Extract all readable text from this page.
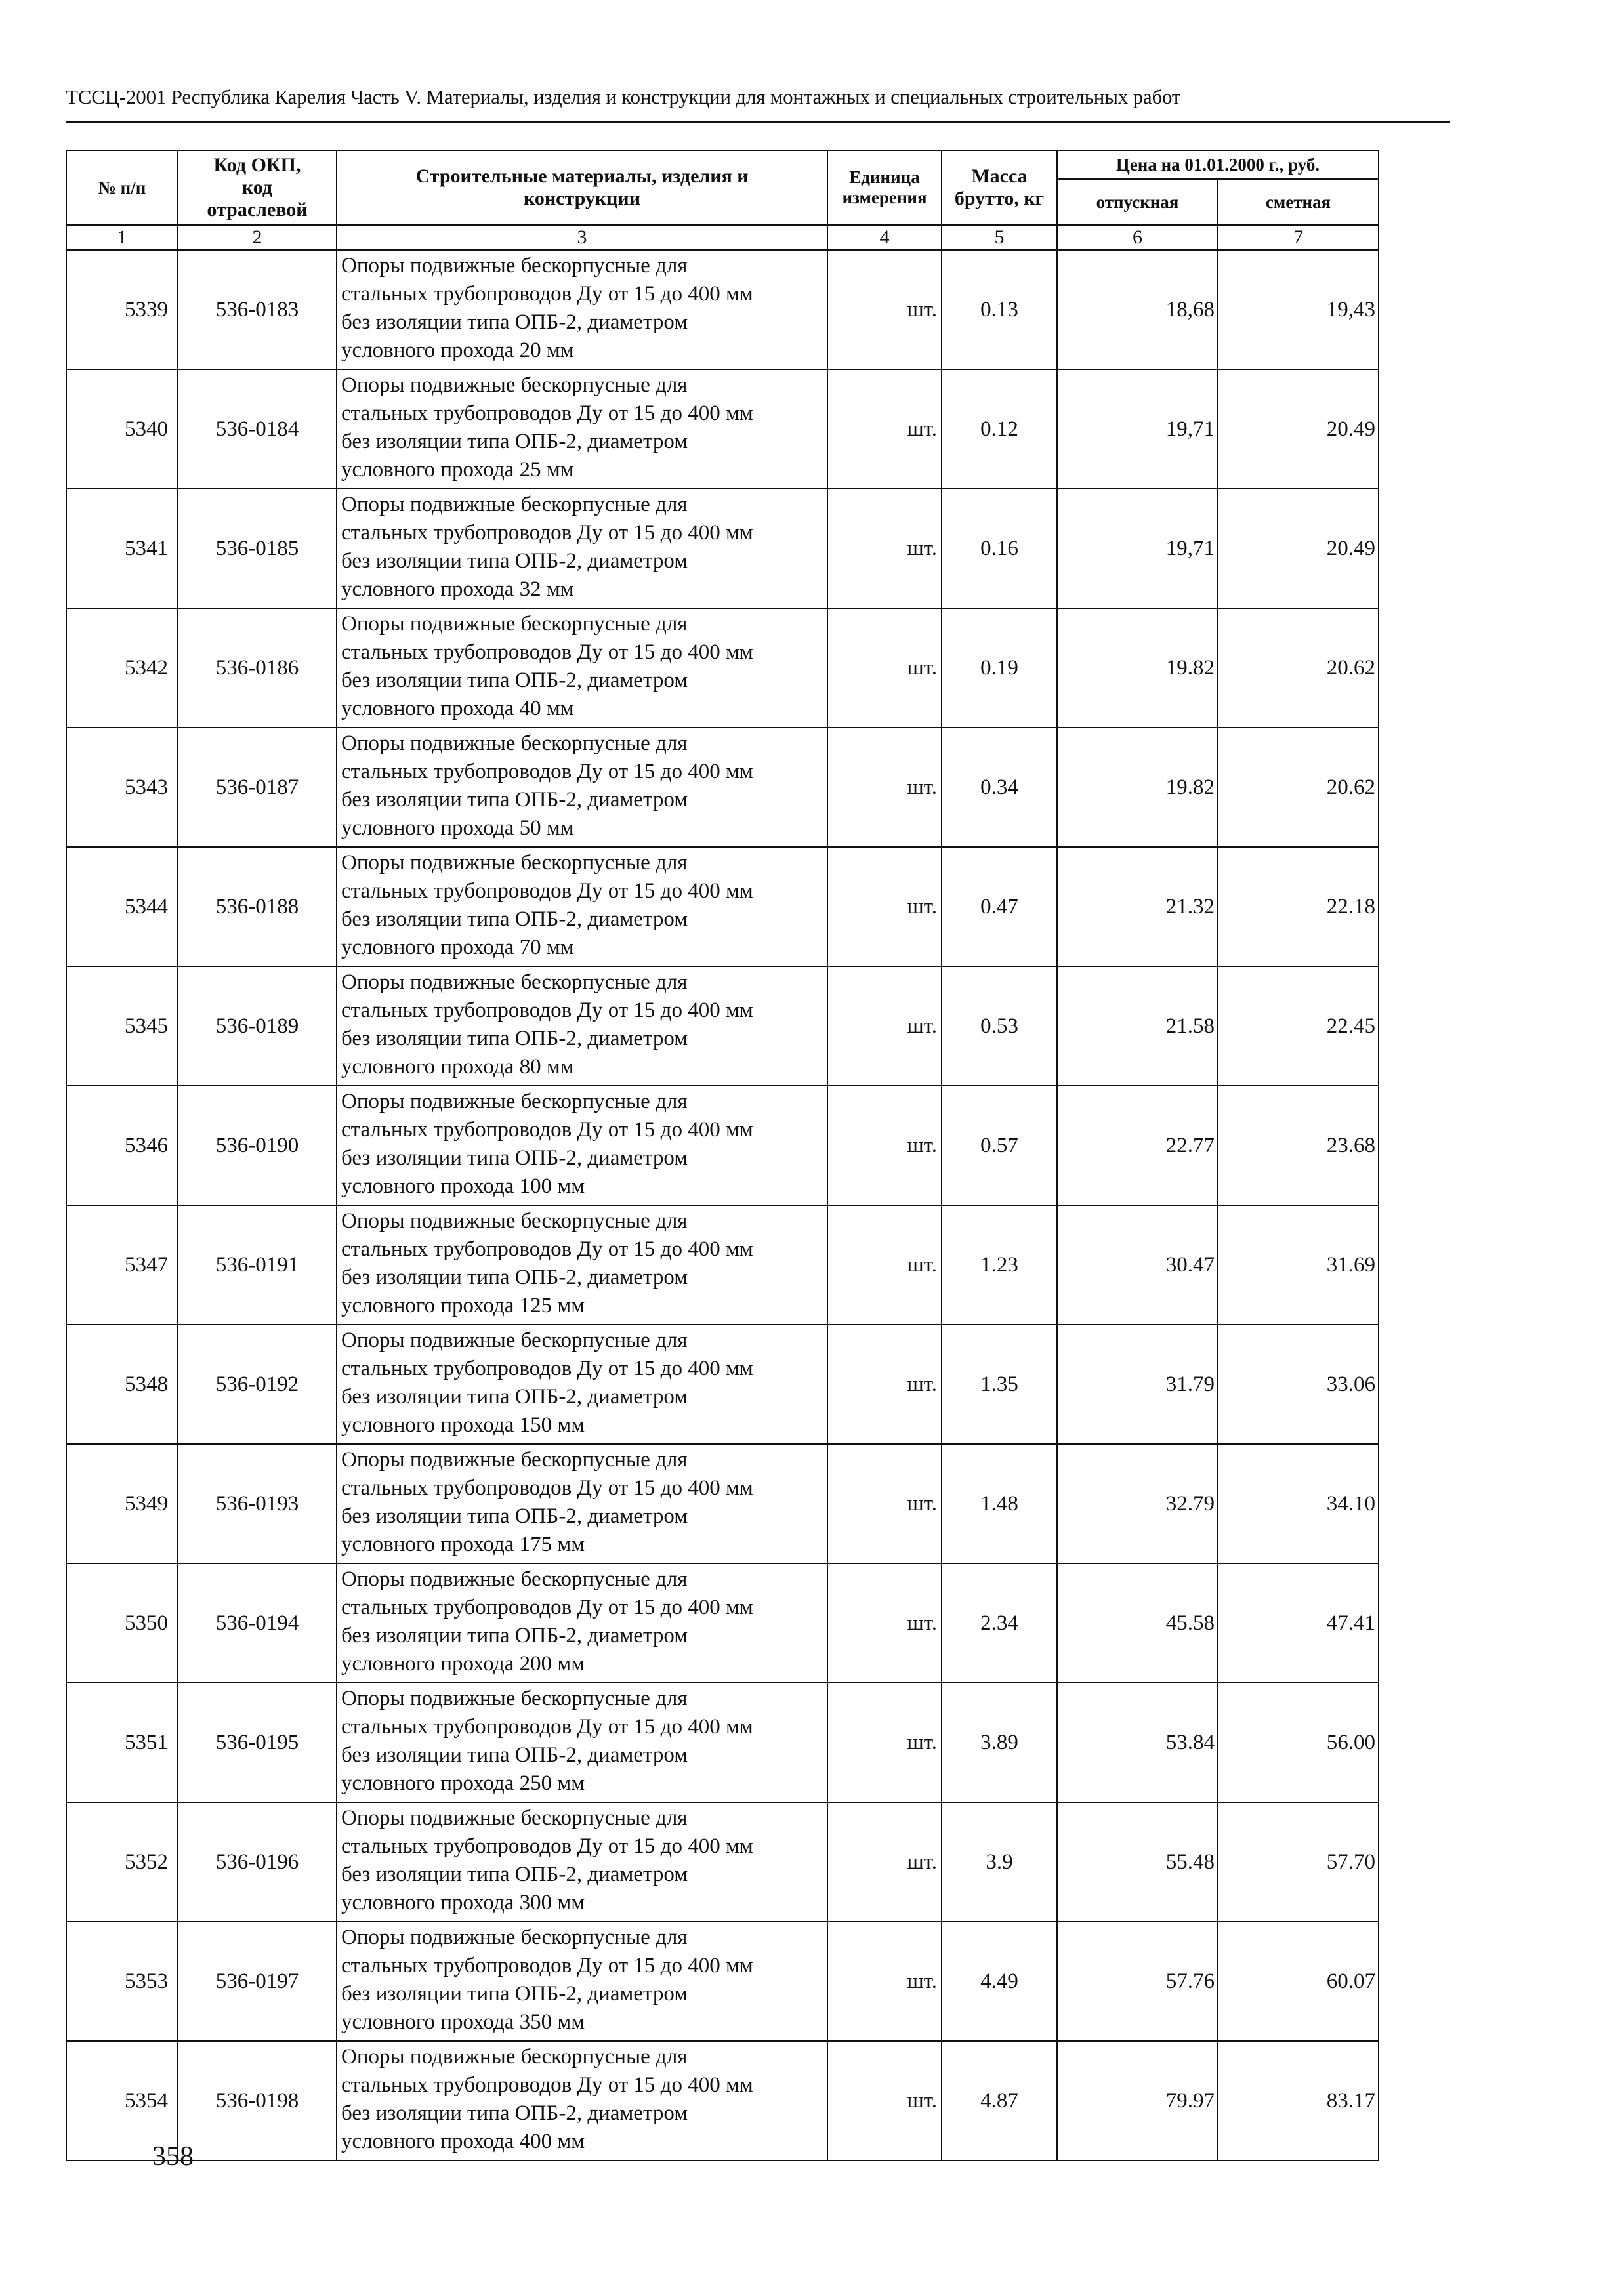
ТССЦ-2001 Республика Карелия Часть V. Материалы, изделия и конструкции для монтажных и специальных строительных работ
№ п/п	Код ОКП,
код
отраслевой	Строительные материалы, изделия и
конструкции	Единица
измерения	Масса
брутто, кг	Цена на 01.01.2000 г., руб.	
					отпускная	сметная
1	2	3	4	5	6	7
5339	536-0183	Опоры подвижные бескорпусные для
стальных трубопроводов Ду от 15 до 400 мм
без изоляции типа ОПБ-2, диаметром
условного прохода 20 мм	шт.	0.13	18,68	19,43
5340	536-0184	Опоры подвижные бескорпусные для
стальных трубопроводов Ду от 15 до 400 мм
без изоляции типа ОПБ-2, диаметром
условного прохода 25 мм	шт.	0.12	19,71	20.49
5341	536-0185	Опоры подвижные бескорпусные для
стальных трубопроводов Ду от 15 до 400 мм
без изоляции типа ОПБ-2, диаметром
условного прохода 32 мм	шт.	0.16	19,71	20.49
5342	536-0186	Опоры подвижные бескорпусные для
стальных трубопроводов Ду от 15 до 400 мм
без изоляции типа ОПБ-2, диаметром
условного прохода 40 мм	шт.	0.19	19.82	20.62
5343	536-0187	Опоры подвижные бескорпусные для
стальных трубопроводов Ду от 15 до 400 мм
без изоляции типа ОПБ-2, диаметром
условного прохода 50 мм	шт.	0.34	19.82	20.62
5344	536-0188	Опоры подвижные бескорпусные для
стальных трубопроводов Ду от 15 до 400 мм
без изоляции типа ОПБ-2, диаметром
условного прохода 70 мм	шт.	0.47	21.32	22.18
5345	536-0189	Опоры подвижные бескорпусные для
стальных трубопроводов Ду от 15 до 400 мм
без изоляции типа ОПБ-2, диаметром
условного прохода 80 мм	шт.	0.53	21.58	22.45
5346	536-0190	Опоры подвижные бескорпусные для
стальных трубопроводов Ду от 15 до 400 мм
без изоляции типа ОПБ-2, диаметром
условного прохода 100 мм	шт.	0.57	22.77	23.68
5347	536-0191	Опоры подвижные бескорпусные для
стальных трубопроводов Ду от 15 до 400 мм
без изоляции типа ОПБ-2, диаметром
условного прохода 125 мм	шт.	1.23	30.47	31.69
5348	536-0192	Опоры подвижные бескорпусные для
стальных трубопроводов Ду от 15 до 400 мм
без изоляции типа ОПБ-2, диаметром
условного прохода 150 мм	шт.	1.35	31.79	33.06
5349	536-0193	Опоры подвижные бескорпусные для
стальных трубопроводов Ду от 15 до 400 мм
без изоляции типа ОПБ-2, диаметром
условного прохода 175 мм	шт.	1.48	32.79	34.10
5350	536-0194	Опоры подвижные бескорпусные для
стальных трубопроводов Ду от 15 до 400 мм
без изоляции типа ОПБ-2, диаметром
условного прохода 200 мм	шт.	2.34	45.58	47.41
5351	536-0195	Опоры подвижные бескорпусные для
стальных трубопроводов Ду от 15 до 400 мм
без изоляции типа ОПБ-2, диаметром
условного прохода 250 мм	шт.	3.89	53.84	56.00
5352	536-0196	Опоры подвижные бескорпусные для
стальных трубопроводов Ду от 15 до 400 мм
без изоляции типа ОПБ-2, диаметром
условного прохода 300 мм	шт.	3.9	55.48	57.70
5353	536-0197	Опоры подвижные бескорпусные для
стальных трубопроводов Ду от 15 до 400 мм
без изоляции типа ОПБ-2, диаметром
условного прохода 350 мм	шт.	4.49	57.76	60.07
5354	536-0198	Опоры подвижные бескорпусные для
стальных трубопроводов Ду от 15 до 400 мм
без изоляции типа ОПБ-2, диаметром
условного прохода 400 мм	шт.	4.87	79.97	83.17
358
